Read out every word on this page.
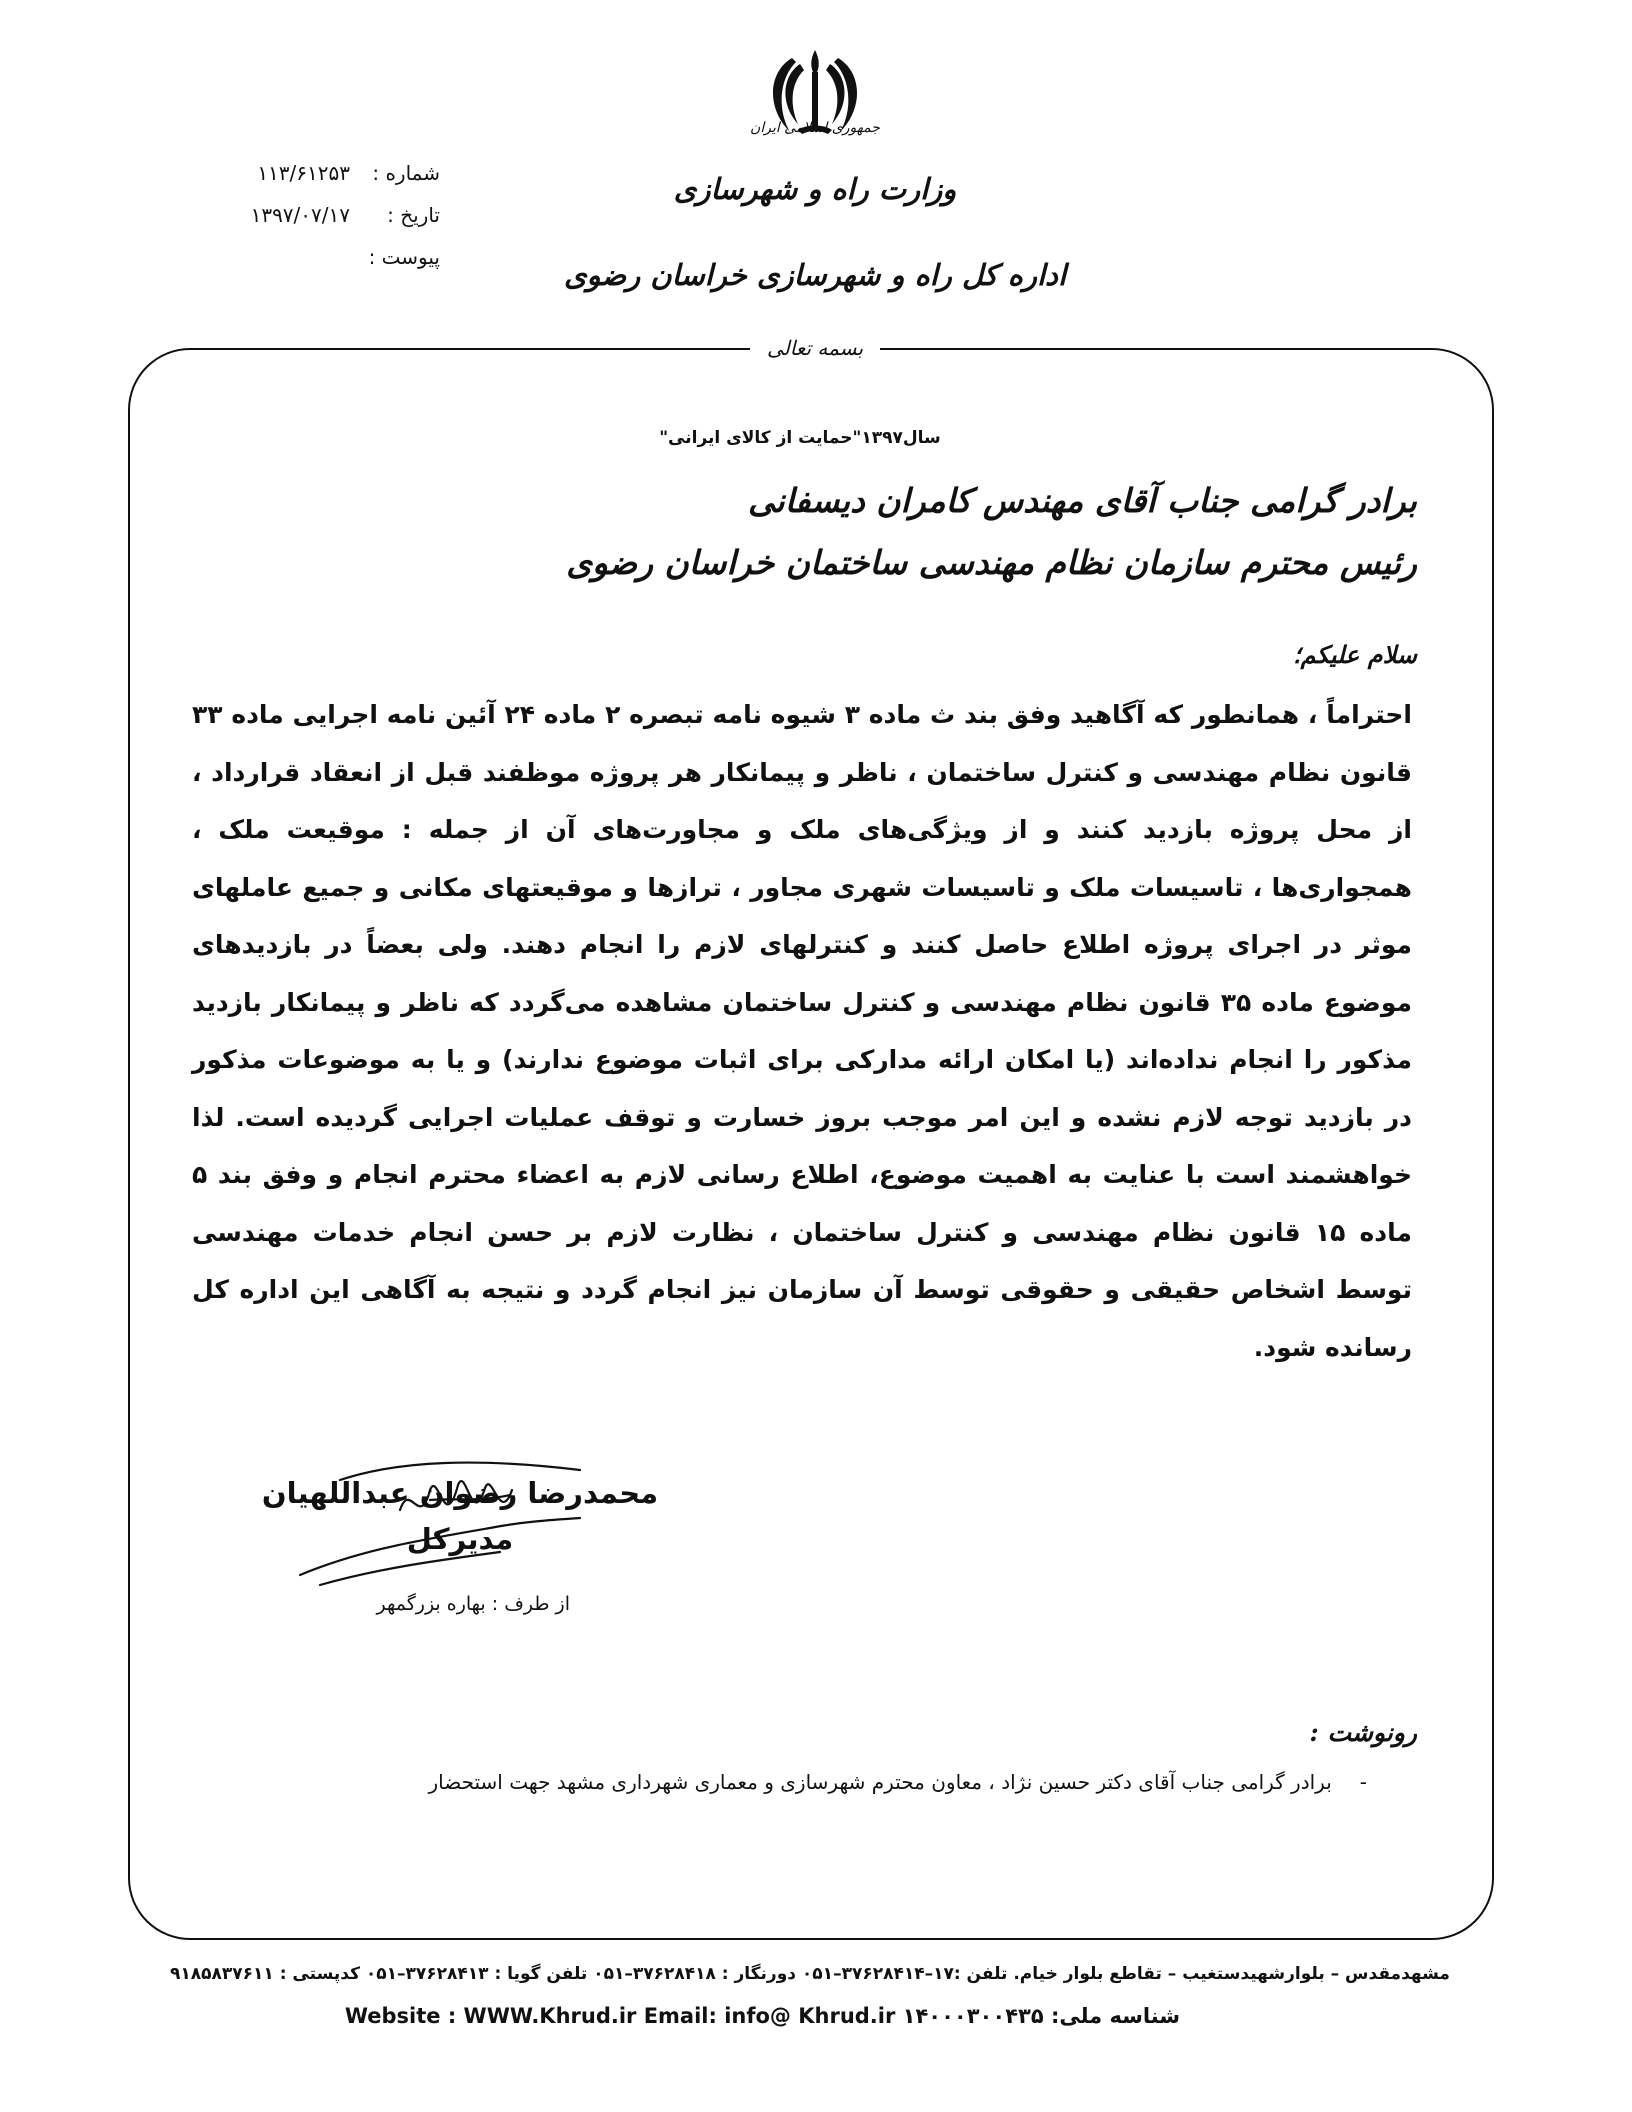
جمهوری اسلامی ایران
وزارت راه و شهرسازی
اداره کل راه و شهرسازی خراسان رضوی
شماره :
۱۱۳/۶۱۲۵۳
تاریخ :
۱۳۹۷/۰۷/۱۷
پیوست :
بسمه تعالی
سال۱۳۹۷"حمایت از کالای ایرانی"
برادر گرامی جناب آقای مهندس کامران دیسفانی
رئیس محترم سازمان نظام مهندسی ساختمان خراسان رضوی
سلام علیکم؛
احتراماً ، همانطور که آگاهید وفق بند ث ماده ۳ شیوه نامه تبصره ۲ ماده ۲۴ آئین نامه اجرایی ماده ۳۳ قانون نظام مهندسی و کنترل ساختمان ، ناظر و پیمانکار هر پروژه موظفند قبل از انعقاد قرارداد ، از محل پروژه بازدید کنند و از ویژگی‌های ملک و مجاورت‌های آن از جمله : موقیعت ملک ، همجواری‌ها ، تاسیسات ملک و تاسیسات شهری مجاور ، ترازها و موقیعتهای مکانی و جمیع عاملهای موثر در اجرای پروژه اطلاع حاصل کنند و کنترلهای لازم را انجام دهند. ولی بعضاً در بازدیدهای موضوع ماده ۳۵ قانون نظام مهندسی و کنترل ساختمان مشاهده می‌گردد که ناظر و پیمانکار بازدید مذکور را انجام نداده‌اند (یا امکان ارائه مدارکی برای اثبات موضوع ندارند) و یا به موضوعات مذکور در بازدید توجه لازم نشده و این امر موجب بروز خسارت و توقف عملیات اجرایی گردیده است. لذا خواهشمند است با عنایت به اهمیت موضوع، اطلاع رسانی لازم به اعضاء محترم انجام و وفق بند ۵ ماده ۱۵ قانون نظام مهندسی و کنترل ساختمان ، نظارت لازم بر حسن انجام خدمات مهندسی توسط اشخاص حقیقی و حقوقی توسط آن سازمان نیز انجام گردد و نتیجه به آگاهی این اداره کل رسانده شود.
محمدرضا رضوان عبداللهیان
مدیرکل
از طرف : بهاره بزرگمهر
رونوشت :
-
برادر گرامی جناب آقای دکتر حسین نژاد ، معاون محترم شهرسازی و معماری شهرداری مشهد جهت استحضار
مشهدمقدس – بلوارشهیدستغیب – تقاطع بلوار خیام. تلفن :۱۷–۳۷۶۲۸۴۱۴–۰۵۱ دورنگار : ۳۷۶۲۸۴۱۸–۰۵۱ تلفن گویا : ۳۷۶۲۸۴۱۳–۰۵۱ کدپستی : ۹۱۸۵۸۳۷۶۱۱
شناسه ملی: ۱۴۰۰۰۳۰۰۴۳۵ Website : WWW.Khrud.ir Email: info@ Khrud.ir
